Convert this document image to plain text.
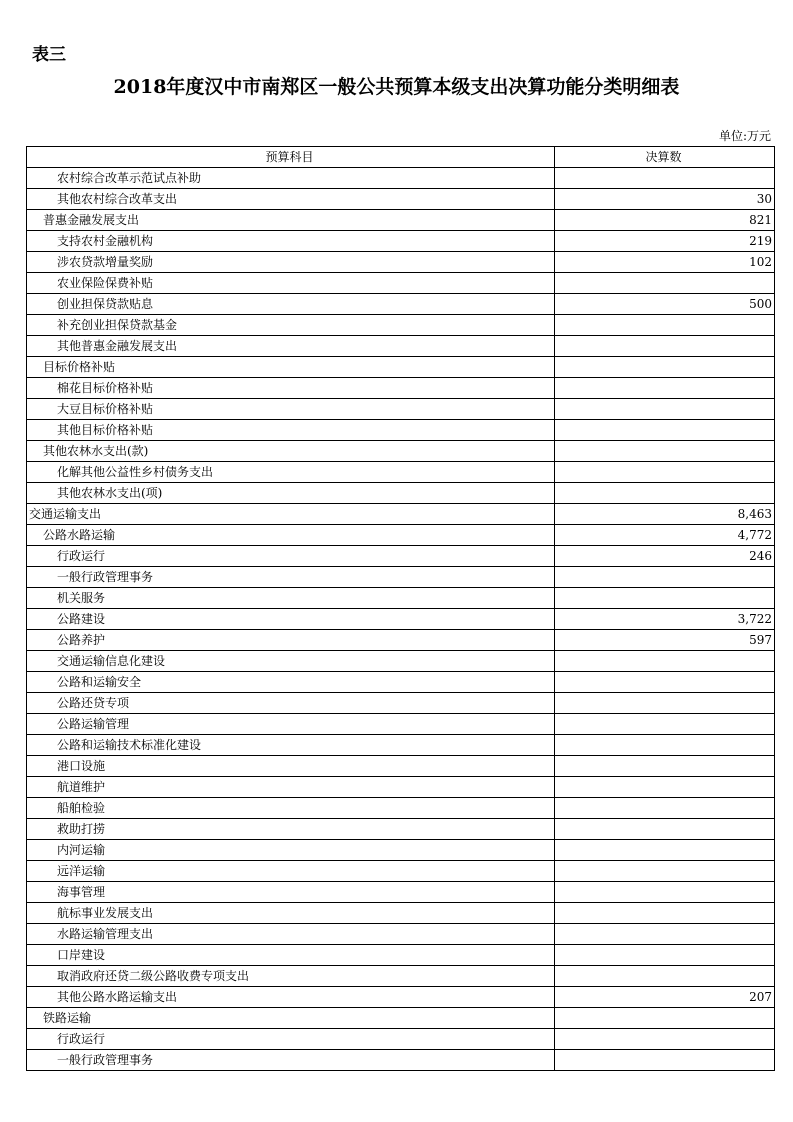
表三
2018年度汉中市南郑区一般公共预算本级支出决算功能分类明细表
单位:万元
预算科目	决算数
农村综合改革示范试点补助	
其他农村综合改革支出	30
普惠金融发展支出	821
支持农村金融机构	219
涉农贷款增量奖励	102
农业保险保费补贴	
创业担保贷款贴息	500
补充创业担保贷款基金	
其他普惠金融发展支出	
目标价格补贴	
棉花目标价格补贴	
大豆目标价格补贴	
其他目标价格补贴	
其他农林水支出(款)	
化解其他公益性乡村债务支出	
其他农林水支出(项)	
交通运输支出	8,463
公路水路运输	4,772
行政运行	246
一般行政管理事务	
机关服务	
公路建设	3,722
公路养护	597
交通运输信息化建设	
公路和运输安全	
公路还贷专项	
公路运输管理	
公路和运输技术标准化建设	
港口设施	
航道维护	
船舶检验	
救助打捞	
内河运输	
远洋运输	
海事管理	
航标事业发展支出	
水路运输管理支出	
口岸建设	
取消政府还贷二级公路收费专项支出	
其他公路水路运输支出	207
铁路运输	
行政运行	
一般行政管理事务	
